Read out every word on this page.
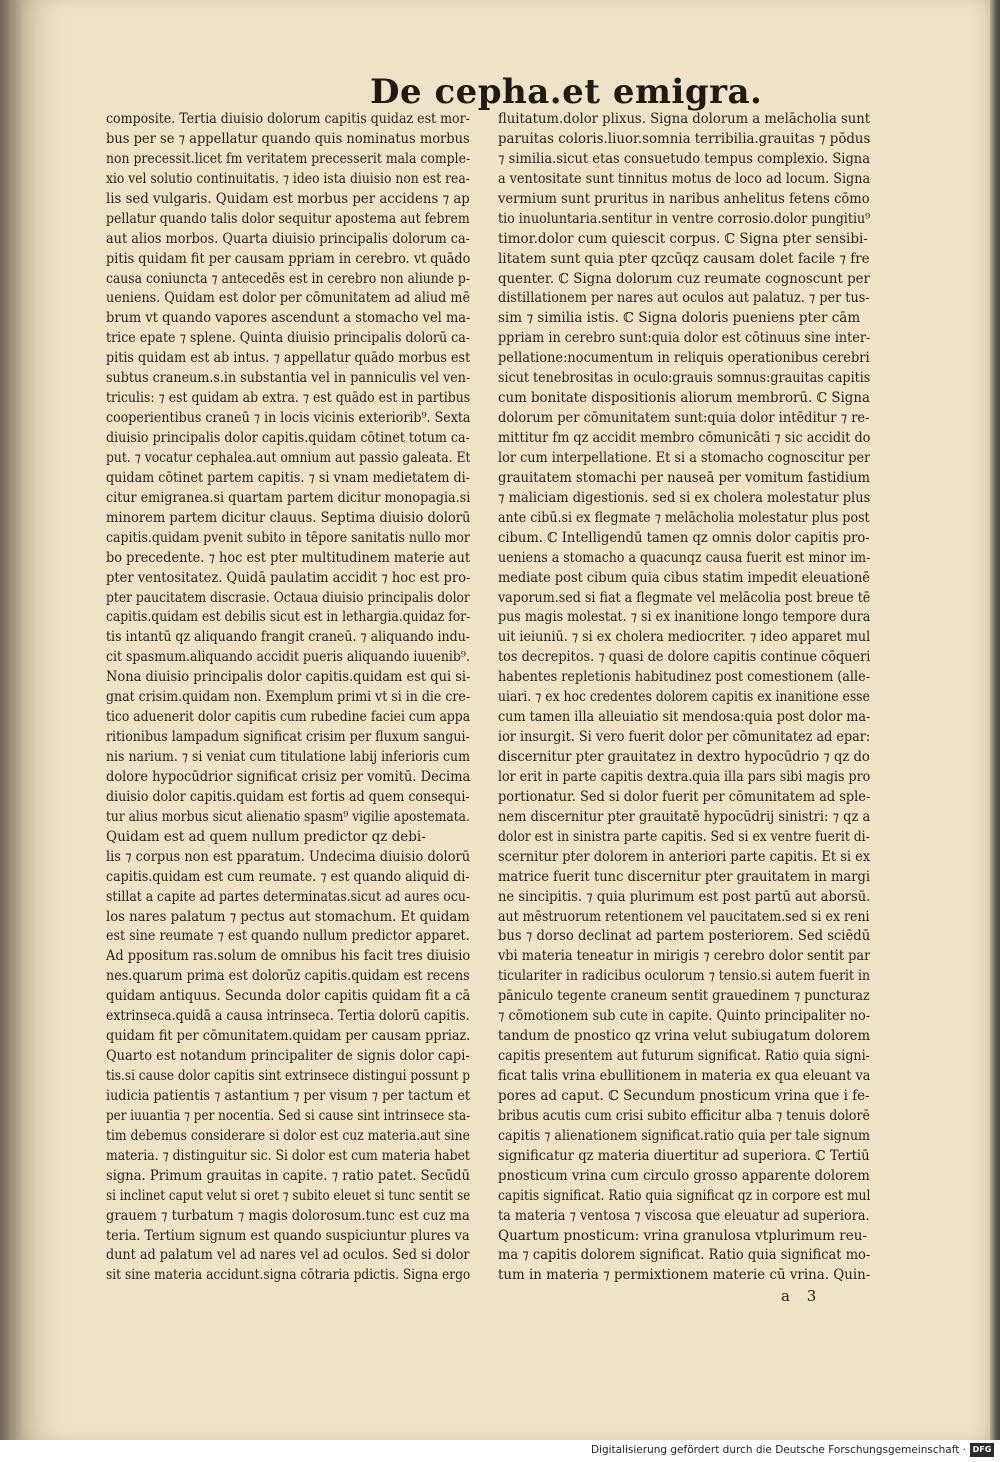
De cepha.et emigra.
composite. Tertia diuisio dolorum capitis quidaz est mor-
bus per se ⁊ appellatur quando quis nominatus morbus
non precessit.licet fm veritatem precesserit mala comple-
xio vel solutio continuitatis. ⁊ ideo ista diuisio non est rea-
lis sed vulgaris. Quidam est morbus per accidens ⁊ ap
pellatur quando talis dolor sequitur apostema aut febrem
aut alios morbos. Quarta diuisio principalis dolorum ca-
pitis quidam fit per causam ppriam in cerebro. vt quādo
causa coniuncta ⁊ antecedēs est in cerebro non aliunde p-
ueniens. Quidam est dolor per cōmunitatem ad aliud mē
brum vt quando vapores ascendunt a stomacho vel ma-
trice epate ⁊ splene. Quinta diuisio principalis dolorū ca-
pitis quidam est ab intus. ⁊ appellatur quādo morbus est
subtus craneum.s.in substantia vel in panniculis vel ven-
triculis: ⁊ est quidam ab extra. ⁊ est quādo est in partibus
cooperientibus craneū ⁊ in locis vicinis exteriorib⁹. Sexta
diuisio principalis dolor capitis.quidam cōtinet totum ca-
put. ⁊ vocatur cephalea.aut omnium aut passio galeata. Et
quidam cōtinet partem capitis. ⁊ si vnam medietatem di-
citur emigranea.si quartam partem dicitur monopagia.si
minorem partem dicitur clauus. Septima diuisio dolorū
capitis.quidam pvenit subito in tēpore sanitatis nullo mor
bo precedente. ⁊ hoc est pter multitudinem materie aut
pter ventositatez. Quidā paulatim accidit ⁊ hoc est pro-
pter paucitatem discrasie. Octaua diuisio principalis dolor
capitis.quidam est debilis sicut est in lethargia.quidaz for-
tis intantū qz aliquando frangit craneū. ⁊ aliquando indu-
cit spasmum.aliquando accidit pueris aliquando iuuenib⁹.
Nona diuisio principalis dolor capitis.quidam est qui si-
gnat crisim.quidam non. Exemplum primi vt si in die cre-
tico aduenerit dolor capitis cum rubedine faciei cum appa
ritionibus lampadum significat crisim per fluxum sangui-
nis narium. ⁊ si veniat cum titulatione labij inferioris cum
dolore hypocūdrior significat crisiz per vomitū. Decima
diuisio dolor capitis.quidam est fortis ad quem consequi-
tur alius morbus sicut alienatio spasm⁹ vigilie apostemata.
Quidam est ad quem nullum predictor qz debi-
lis ⁊ corpus non est pparatum. Undecima diuisio dolorū
capitis.quidam est cum reumate. ⁊ est quando aliquid di-
stillat a capite ad partes determinatas.sicut ad aures ocu-
los nares palatum ⁊ pectus aut stomachum. Et quidam
est sine reumate ⁊ est quando nullum predictor apparet.
Ad ppositum ras.solum de omnibus his facit tres diuisio
nes.quarum prima est dolorūz capitis.quidam est recens
quidam antiquus. Secunda dolor capitis quidam fit a cā
extrinseca.quidā a causa intrinseca. Tertia dolorū capitis.
quidam fit per cōmunitatem.quidam per causam ppriaz.
Quarto est notandum principaliter de signis dolor capi-
tis.si cause dolor capitis sint extrinsece distingui possunt p
iudicia patientis ⁊ astantium ⁊ per visum ⁊ per tactum et
per iuuantia ⁊ per nocentia. Sed si cause sint intrinsece sta-
tim debemus considerare si dolor est cuz materia.aut sine
materia. ⁊ distinguitur sic. Si dolor est cum materia habet
signa. Primum grauitas in capite. ⁊ ratio patet. Secūdū
si inclinet caput velut si oret ⁊ subito eleuet si tunc sentit se
grauem ⁊ turbatum ⁊ magis dolorosum.tunc est cuz ma
teria. Tertium signum est quando suspiciuntur plures va
dunt ad palatum vel ad nares vel ad oculos. Sed si dolor
sit sine materia accidunt.signa cōtraria pdictis. Signa ergo
fluitatum.dolor plixus. Signa dolorum a melācholia sunt
paruitas coloris.liuor.somnia terribilia.grauitas ⁊ pōdus
⁊ similia.sicut etas consuetudo tempus complexio. Signa
a ventositate sunt tinnitus motus de loco ad locum. Signa
vermium sunt pruritus in naribus anhelitus fetens cōmo
tio inuoluntaria.sentitur in ventre corrosio.dolor pungitiu⁹
timor.dolor cum quiescit corpus. ℂ Signa pter sensibi-
litatem sunt quia pter qzcūqz causam dolet facile ⁊ fre
quenter. ℂ Signa dolorum cuz reumate cognoscunt per
distillationem per nares aut oculos aut palatuz. ⁊ per tus-
sim ⁊ similia istis. ℂ Signa doloris pueniens pter cām
ppriam in cerebro sunt:quia dolor est cōtinuus sine inter-
pellatione:nocumentum in reliquis operationibus cerebri
sicut tenebrositas in oculo:grauis somnus:grauitas capitis
cum bonitate dispositionis aliorum membrorū. ℂ Signa
dolorum per cōmunitatem sunt:quia dolor intēditur ⁊ re-
mittitur fm qz accidit membro cōmunicāti ⁊ sic accidit do
lor cum interpellatione. Et si a stomacho cognoscitur per
grauitatem stomachi per nauseā per vomitum fastidium
⁊ maliciam digestionis. sed si ex cholera molestatur plus
ante cibū.si ex flegmate ⁊ melācholia molestatur plus post
cibum. ℂ Intelligendū tamen qz omnis dolor capitis pro-
ueniens a stomacho a quacunqz causa fuerit est minor im-
mediate post cibum quia cibus statim impedit eleuationē
vaporum.sed si fiat a flegmate vel melācolia post breue tē
pus magis molestat. ⁊ si ex inanitione longo tempore dura
uit ieiuniū. ⁊ si ex cholera mediocriter. ⁊ ideo apparet mul
tos decrepitos. ⁊ quasi de dolore capitis continue cōqueri
habentes repletionis habitudinez post comestionem (alle-
uiari. ⁊ ex hoc credentes dolorem capitis ex inanitione esse
cum tamen illa alleuiatio sit mendosa:quia post dolor ma-
ior insurgit. Si vero fuerit dolor per cōmunitatez ad epar:
discernitur pter grauitatez in dextro hypocūdrio ⁊ qz do
lor erit in parte capitis dextra.quia illa pars sibi magis pro
portionatur. Sed si dolor fuerit per cōmunitatem ad sple-
nem discernitur pter grauitatē hypocūdrij sinistri: ⁊ qz a
dolor est in sinistra parte capitis. Sed si ex ventre fuerit di-
scernitur pter dolorem in anteriori parte capitis. Et si ex
matrice fuerit tunc discernitur pter grauitatem in margi
ne sincipitis. ⁊ quia plurimum est post partū aut aborsū.
aut mēstruorum retentionem vel paucitatem.sed si ex reni
bus ⁊ dorso declinat ad partem posteriorem. Sed sciēdū
vbi materia teneatur in mirigis ⁊ cerebro dolor sentit par
ticulariter in radicibus oculorum ⁊ tensio.si autem fuerit in
pāniculo tegente craneum sentit grauedinem ⁊ puncturaz
⁊ cōmotionem sub cute in capite. Quinto principaliter no-
tandum de pnostico qz vrina velut subiugatum dolorem
capitis presentem aut futurum significat. Ratio quia signi-
ficat talis vrina ebullitionem in materia ex qua eleuant va
pores ad caput. ℂ Secundum pnosticum vrina que i fe-
bribus acutis cum crisi subito efficitur alba ⁊ tenuis dolorē
capitis ⁊ alienationem significat.ratio quia per tale signum
significatur qz materia diuertitur ad superiora. ℂ Tertiū
pnosticum vrina cum circulo grosso apparente dolorem
capitis significat. Ratio quia significat qz in corpore est mul
ta materia ⁊ ventosa ⁊ viscosa que eleuatur ad superiora.
Quartum pnosticum: vrina granulosa vtplurimum reu-
ma ⁊ capitis dolorem significat. Ratio quia significat mo-
tum in materia ⁊ permixtionem materie cū vrina. Quin-
a 3
Digitalisierung gefördert durch die Deutsche Forschungsgemeinschaft · DFG
